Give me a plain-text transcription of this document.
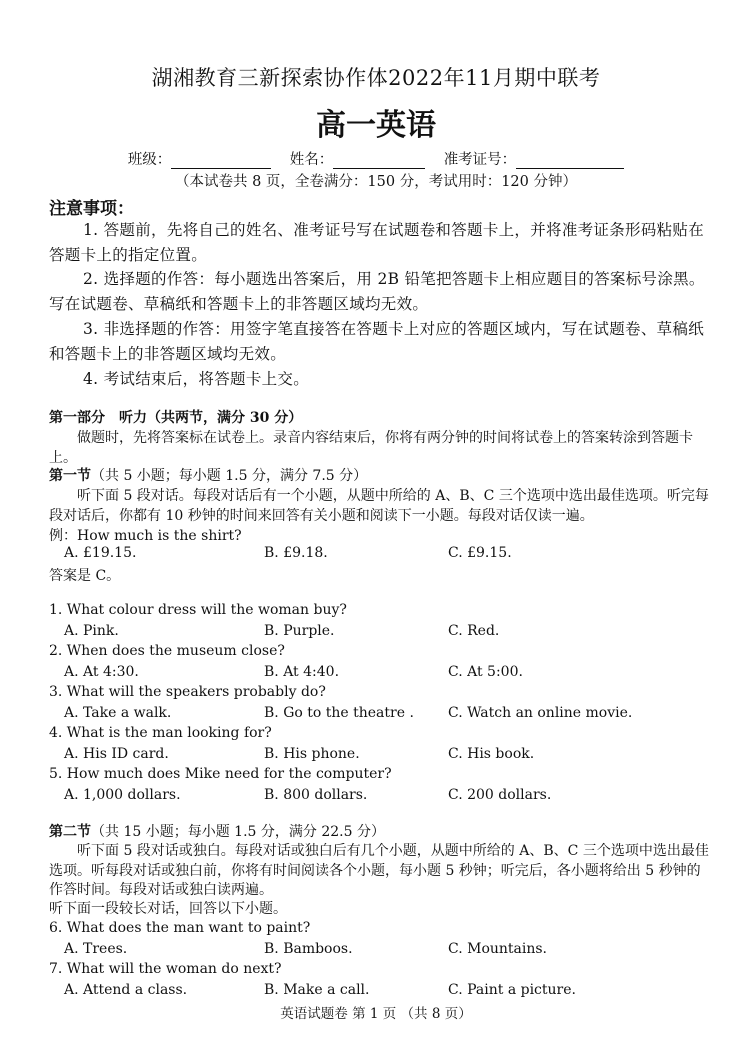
湖湘教育三新探索协作体2022年11月期中联考
高一英语
班级：	姓名：	准考证号：
（本试卷共 8 页，全卷满分：150 分，考试用时：120 分钟）
注意事项：
1. 答题前，先将自己的姓名、准考证号写在试题卷和答题卡上，并将准考证条形码粘贴在答题卡上的指定位置。
2. 选择题的作答：每小题选出答案后，用 2B 铅笔把答题卡上相应题目的答案标号涂黑。写在试题卷、草稿纸和答题卡上的非答题区域均无效。
3. 非选择题的作答：用签字笔直接答在答题卡上对应的答题区域内，写在试题卷、草稿纸和答题卡上的非答题区域均无效。
4. 考试结束后，将答题卡上交。
第一部分　听力（共两节，满分 30 分）
做题时，先将答案标在试卷上。录音内容结束后，你将有两分钟的时间将试卷上的答案转涂到答题卡上。
第一节（共 5 小题；每小题 1.5 分，满分 7.5 分）
听下面 5 段对话。每段对话后有一个小题，从题中所给的 A、B、C 三个选项中选出最佳选项。听完每段对话后，你都有 10 秒钟的时间来回答有关小题和阅读下一小题。每段对话仅读一遍。
例：How much is the shirt?
A. £19.15.	B. £9.18.	C. £9.15.
答案是 C。
1. What colour dress will the woman buy?
A. Pink.	B. Purple.	C. Red.
2. When does the museum close?
A. At 4:30.	B. At 4:40.	C. At 5:00.
3. What will the speakers probably do?
A. Take a walk.	B. Go to the theatre . C. Watch an online movie.
4. What is the man looking for?
A. His ID card.	B. His phone.	C. His book.
5. How much does Mike need for the computer?
A. 1,000 dollars.	B. 800 dollars.	C. 200 dollars.
第二节（共 15 小题；每小题 1.5 分，满分 22.5 分）
听下面 5 段对话或独白。每段对话或独白后有几个小题，从题中所给的 A、B、C 三个选项中选出最佳选项。听每段对话或独白前，你将有时间阅读各个小题，每小题 5 秒钟；听完后，各小题将给出 5 秒钟的作答时间。每段对话或独白读两遍。
听下面一段较长对话，回答以下小题。
6. What does the man want to paint?
A. Trees.	B. Bamboos.	C. Mountains.
7. What will the woman do next?
A. Attend a class.	B. Make a call.	C. Paint a picture.
英语试题卷 第 1 页 （共 8 页）
